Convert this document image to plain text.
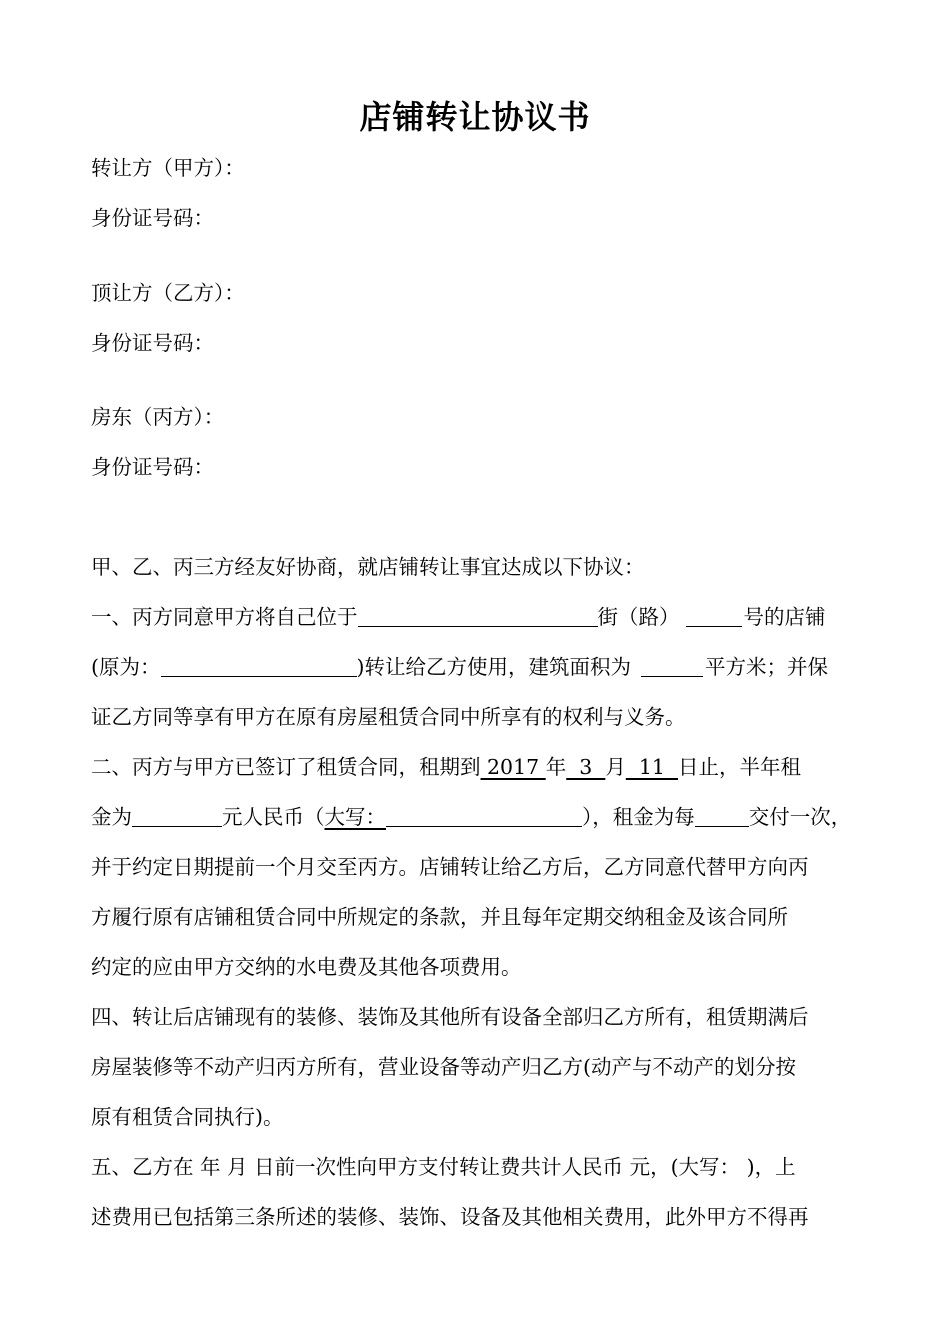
店铺转让协议书
转让方（甲方）：
身份证号码：
顶让方（乙方）：
身份证号码：
房东（丙方）：
身份证号码：
甲、乙、丙三方经友好协商，就店铺转让事宜达成以下协议：
一、丙方同意甲方将自己位于	街（路）	号的店铺
(原为：	)转让给乙方使用，建筑面积为	平方米；并保
证乙方同等享有甲方在原有房屋租赁合同中所享有的权利与义务。
二、丙方与甲方已签订了租赁合同，租期到 2017 年  3  月  11  日止，半年租
金为	元人民币（大写：	），租金为每	交付一次，
并于约定日期提前一个月交至丙方。店铺转让给乙方后，乙方同意代替甲方向丙
方履行原有店铺租赁合同中所规定的条款，并且每年定期交纳租金及该合同所
约定的应由甲方交纳的水电费及其他各项费用。
四、转让后店铺现有的装修、装饰及其他所有设备全部归乙方所有，租赁期满后
房屋装修等不动产归丙方所有，营业设备等动产归乙方(动产与不动产的划分按
原有租赁合同执行)。
五、乙方在 年 月 日前一次性向甲方支付转让费共计人民币 元，(大写： )，上
述费用已包括第三条所述的装修、装饰、设备及其他相关费用，此外甲方不得再
